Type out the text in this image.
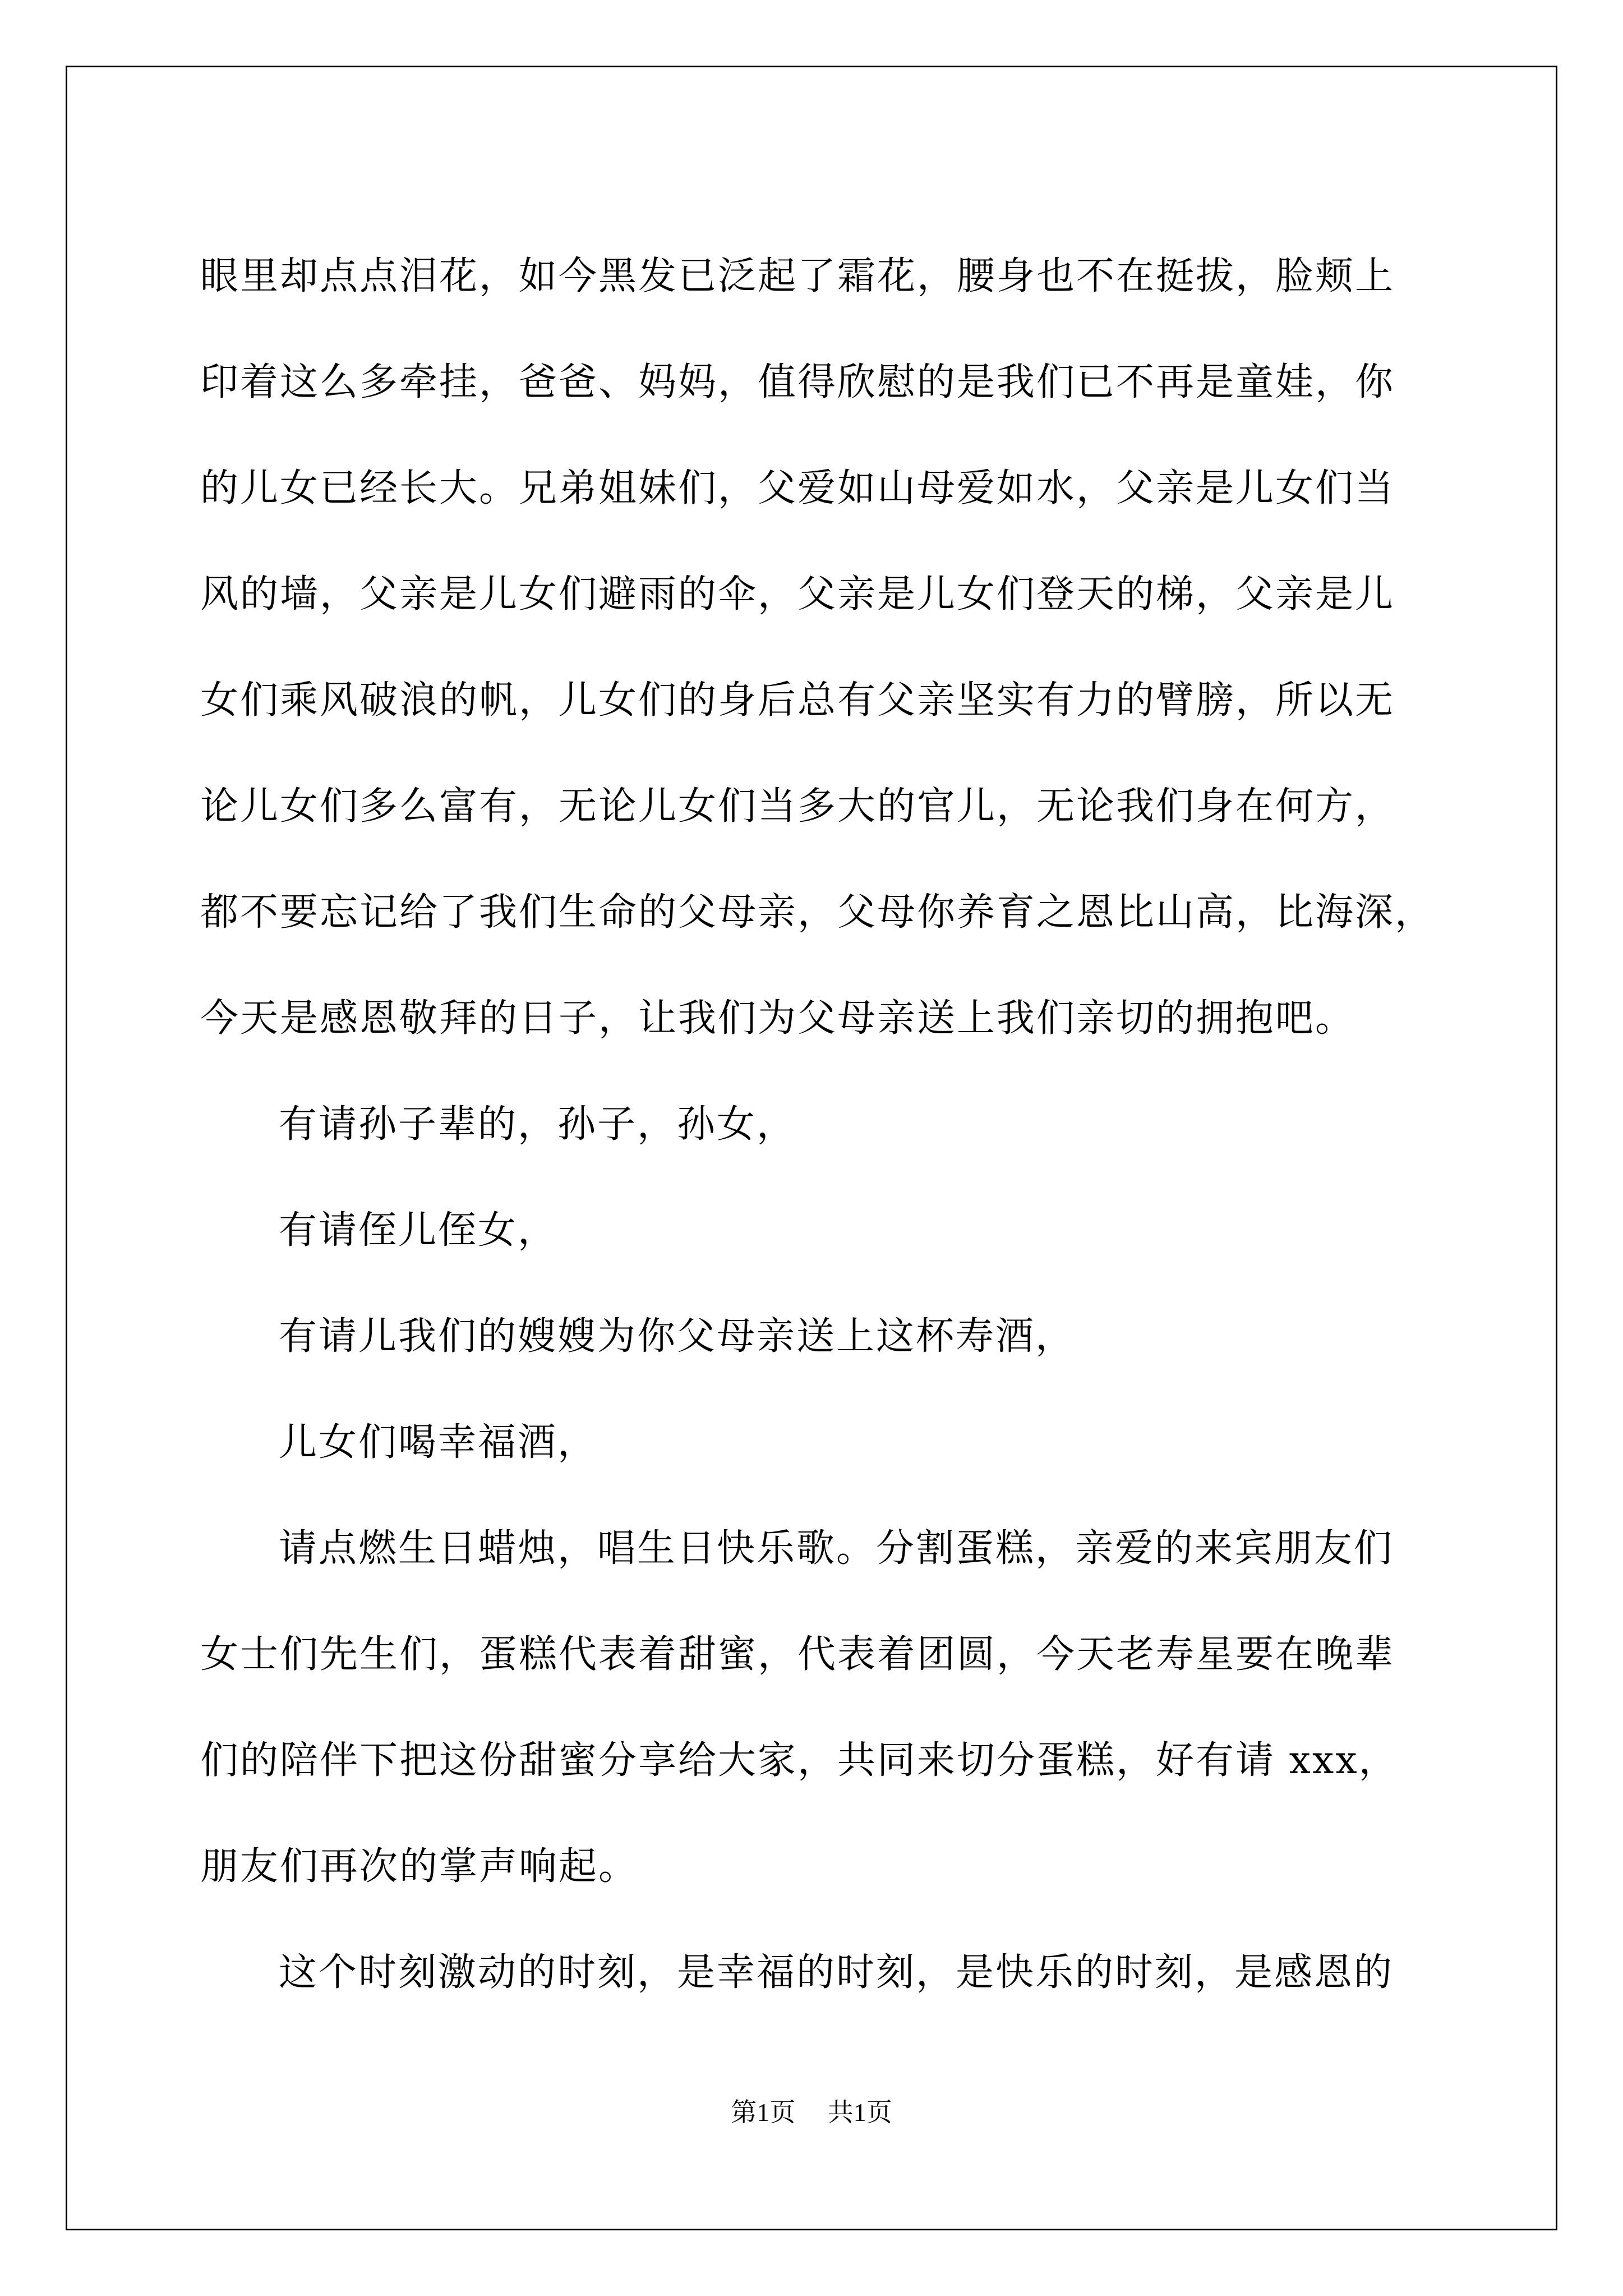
眼里却点点泪花，如今黑发已泛起了霜花，腰身也不在挺拔，脸颊上

印着这么多牵挂，爸爸、妈妈，值得欣慰的是我们已不再是童娃，你

的儿女已经长大。兄弟姐妹们，父爱如山母爱如水，父亲是儿女们当

风的墙，父亲是儿女们避雨的伞，父亲是儿女们登天的梯，父亲是儿

女们乘风破浪的帆，儿女们的身后总有父亲坚实有力的臂膀，所以无

论儿女们多么富有，无论儿女们当多大的官儿，无论我们身在何方，

都不要忘记给了我们生命的父母亲，父母你养育之恩比山高，比海深，

今天是感恩敬拜的日子，让我们为父母亲送上我们亲切的拥抱吧。

有请孙子辈的，孙子，孙女，

有请侄儿侄女，

有请儿我们的嫂嫂为你父母亲送上这杯寿酒，

儿女们喝幸福酒，

请点燃生日蜡烛，唱生日快乐歌。分割蛋糕，亲爱的来宾朋友们

女士们先生们，蛋糕代表着甜蜜，代表着团圆，今天老寿星要在晚辈

们的陪伴下把这份甜蜜分享给大家，共同来切分蛋糕，好有请 xxx，

朋友们再次的掌声响起。

这个时刻激动的时刻，是幸福的时刻，是快乐的时刻，是感恩的

第1页 共1页
